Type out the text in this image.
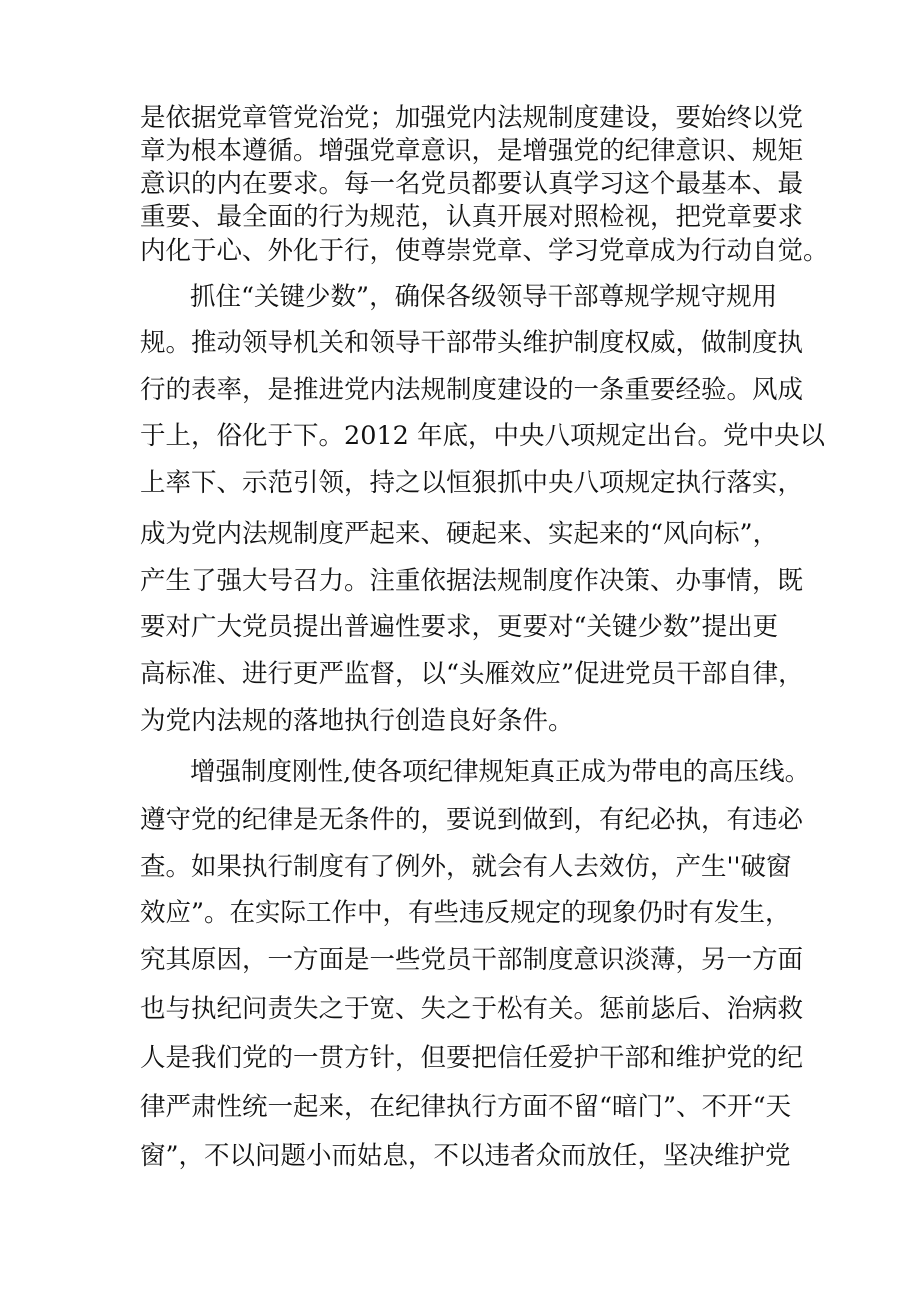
是依据党章管党治党；加强党内法规制度建设，要始终以党
章为根本遵循。增强党章意识，是增强党的纪律意识、规矩
意识的内在要求。每一名党员都要认真学习这个最基本、最
重要、最全面的行为规范，认真开展对照检视，把党章要求
内化于心、外化于行，使尊崇党章、学习党章成为行动自觉。
抓住“关键少数”，确保各级领导干部尊规学规守规用
规。推动领导机关和领导干部带头维护制度权威，做制度执
行的表率，是推进党内法规制度建设的一条重要经验。风成
于上，俗化于下。2012 年底，中央八项规定出台。党中央以
上率下、示范引领，持之以恒狠抓中央八项规定执行落实，
成为党内法规制度严起来、硬起来、实起来的“风向标”，
产生了强大号召力。注重依据法规制度作决策、办事情，既
要对广大党员提出普遍性要求，更要对“关键少数”提出更
高标准、进行更严监督，以“头雁效应”促进党员干部自律，
为党内法规的落地执行创造良好条件。
增强制度刚性,使各项纪律规矩真正成为带电的高压线。
遵守党的纪律是无条件的，要说到做到，有纪必执，有违必
查。如果执行制度有了例外，就会有人去效仿，产生''破窗
效应”。在实际工作中，有些违反规定的现象仍时有发生，
究其原因，一方面是一些党员干部制度意识淡薄，另一方面
也与执纪问责失之于宽、失之于松有关。惩前毖后、治病救
人是我们党的一贯方针，但要把信任爱护干部和维护党的纪
律严肃性统一起来，在纪律执行方面不留“暗门”、不开“天
窗”，不以问题小而姑息，不以违者众而放任，坚决维护党
